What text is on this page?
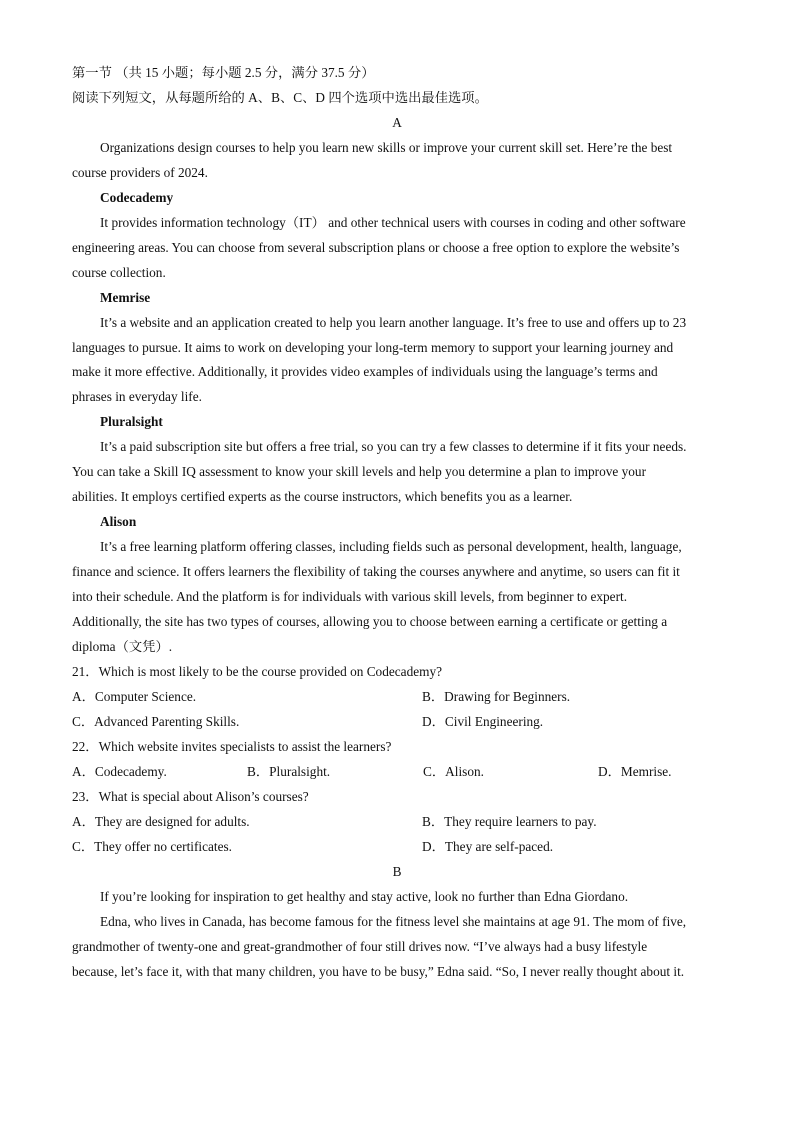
第一节 （共 15 小题；每小题 2.5 分，满分 37.5 分）
阅读下列短文，从每题所给的 A、B、C、D 四个选项中选出最佳选项。
A
Organizations design courses to help you learn new skills or improve your current skill set. Here’re the best
course providers of 2024.
Codecademy
It provides information technology（IT） and other technical users with courses in coding and other software
engineering areas. You can choose from several subscription plans or choose a free option to explore the website’s
course collection.
Memrise
It’s a website and an application created to help you learn another language. It’s free to use and offers up to 23
languages to pursue. It aims to work on developing your long-term memory to support your learning journey and
make it more effective. Additionally, it provides video examples of individuals using the language’s terms and
phrases in everyday life.
Pluralsight
It’s a paid subscription site but offers a free trial, so you can try a few classes to determine if it fits your needs.
You can take a Skill IQ assessment to know your skill levels and help you determine a plan to improve your
abilities. It employs certified experts as the course instructors, which benefits you as a learner.
Alison
It’s a free learning platform offering classes, including fields such as personal development, health, language,
finance and science. It offers learners the flexibility of taking the courses anywhere and anytime, so users can fit it
into their schedule. And the platform is for individuals with various skill levels, from beginner to expert.
Additionally, the site has two types of courses, allowing you to choose between earning a certificate or getting a
diploma（文凭）.
21．Which is most likely to be the course provided on Codecademy?
A．Computer Science.	B．Drawing for Beginners.
C．Advanced Parenting Skills.	D．Civil Engineering.
22．Which website invites specialists to assist the learners?
A．Codecademy.	B．Pluralsight.	C．Alison.	D．Memrise.
23．What is special about Alison’s courses?
A．They are designed for adults.	B．They require learners to pay.
C．They offer no certificates.	D．They are self-paced.
B
If you’re looking for inspiration to get healthy and stay active, look no further than Edna Giordano.
Edna, who lives in Canada, has become famous for the fitness level she maintains at age 91. The mom of five,
grandmother of twenty-one and great-grandmother of four still drives now. “I’ve always had a busy lifestyle
because, let’s face it, with that many children, you have to be busy,” Edna said. “So, I never really thought about it.
